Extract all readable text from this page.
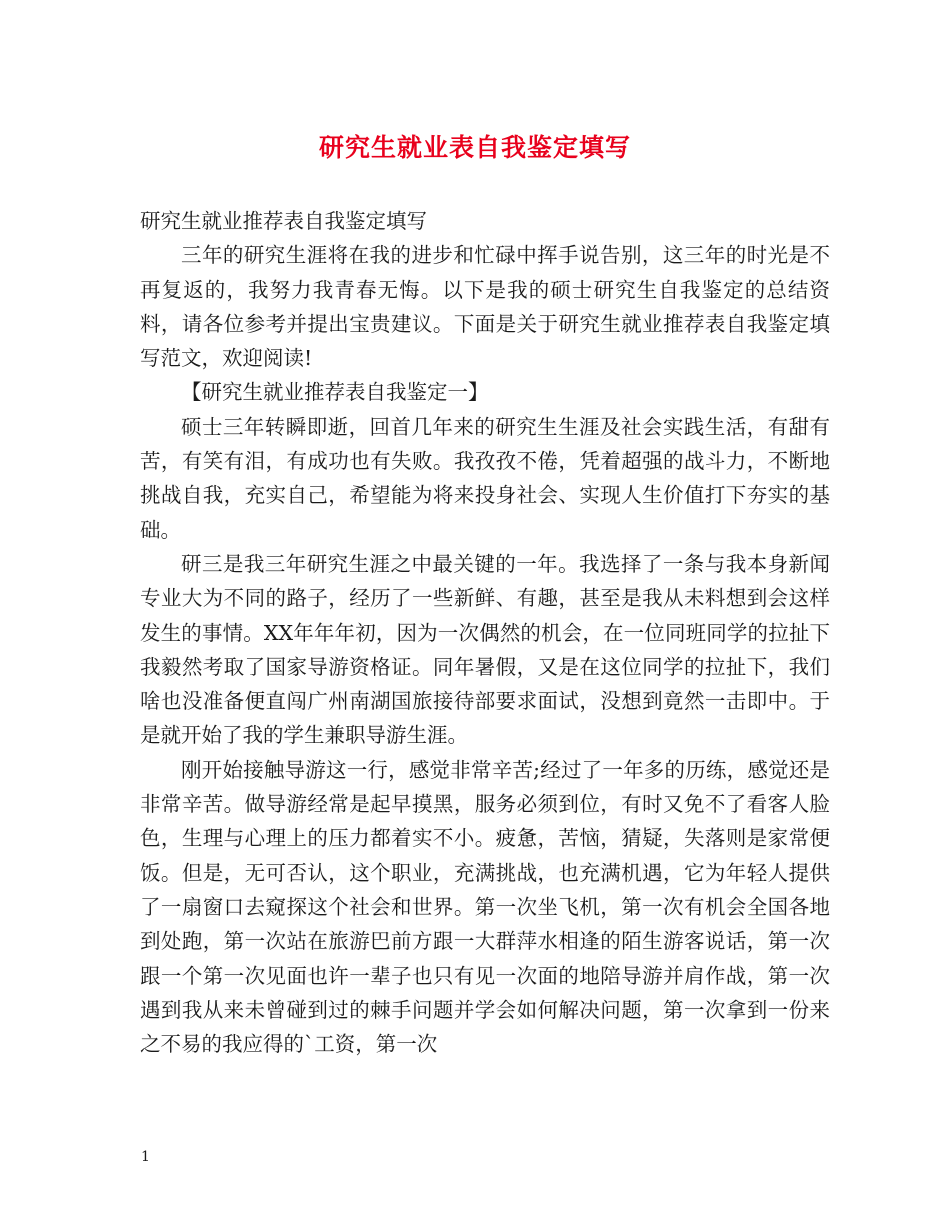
研究生就业表自我鉴定填写

研究生就业推荐表自我鉴定填写

三年的研究生涯将在我的进步和忙碌中挥手说告别，这三年的时光是不再复返的，我努力我青春无悔。以下是我的硕士研究生自我鉴定的总结资料，请各位参考并提出宝贵建议。下面是关于研究生就业推荐表自我鉴定填写范文，欢迎阅读!

【研究生就业推荐表自我鉴定一】

硕士三年转瞬即逝，回首几年来的研究生生涯及社会实践生活，有甜有苦，有笑有泪，有成功也有失败。我孜孜不倦，凭着超强的战斗力，不断地挑战自我，充实自己，希望能为将来投身社会、实现人生价值打下夯实的基础。

研三是我三年研究生涯之中最关键的一年。我选择了一条与我本身新闻专业大为不同的路子，经历了一些新鲜、有趣，甚至是我从未料想到会这样发生的事情。XX年年年初，因为一次偶然的机会，在一位同班同学的拉扯下我毅然考取了国家导游资格证。同年暑假，又是在这位同学的拉扯下，我们啥也没准备便直闯广州南湖国旅接待部要求面试，没想到竟然一击即中。于是就开始了我的学生兼职导游生涯。

刚开始接触导游这一行，感觉非常辛苦;经过了一年多的历练，感觉还是非常辛苦。做导游经常是起早摸黑，服务必须到位，有时又免不了看客人脸色，生理与心理上的压力都着实不小。疲惫，苦恼，猜疑，失落则是家常便饭。但是，无可否认，这个职业，充满挑战，也充满机遇，它为年轻人提供了一扇窗口去窥探这个社会和世界。第一次坐飞机，第一次有机会全国各地到处跑，第一次站在旅游巴前方跟一大群萍水相逢的陌生游客说话，第一次跟一个第一次见面也许一辈子也只有见一次面的地陪导游并肩作战，第一次遇到我从来未曾碰到过的棘手问题并学会如何解决问题，第一次拿到一份来之不易的我应得的`工资，第一次

1
